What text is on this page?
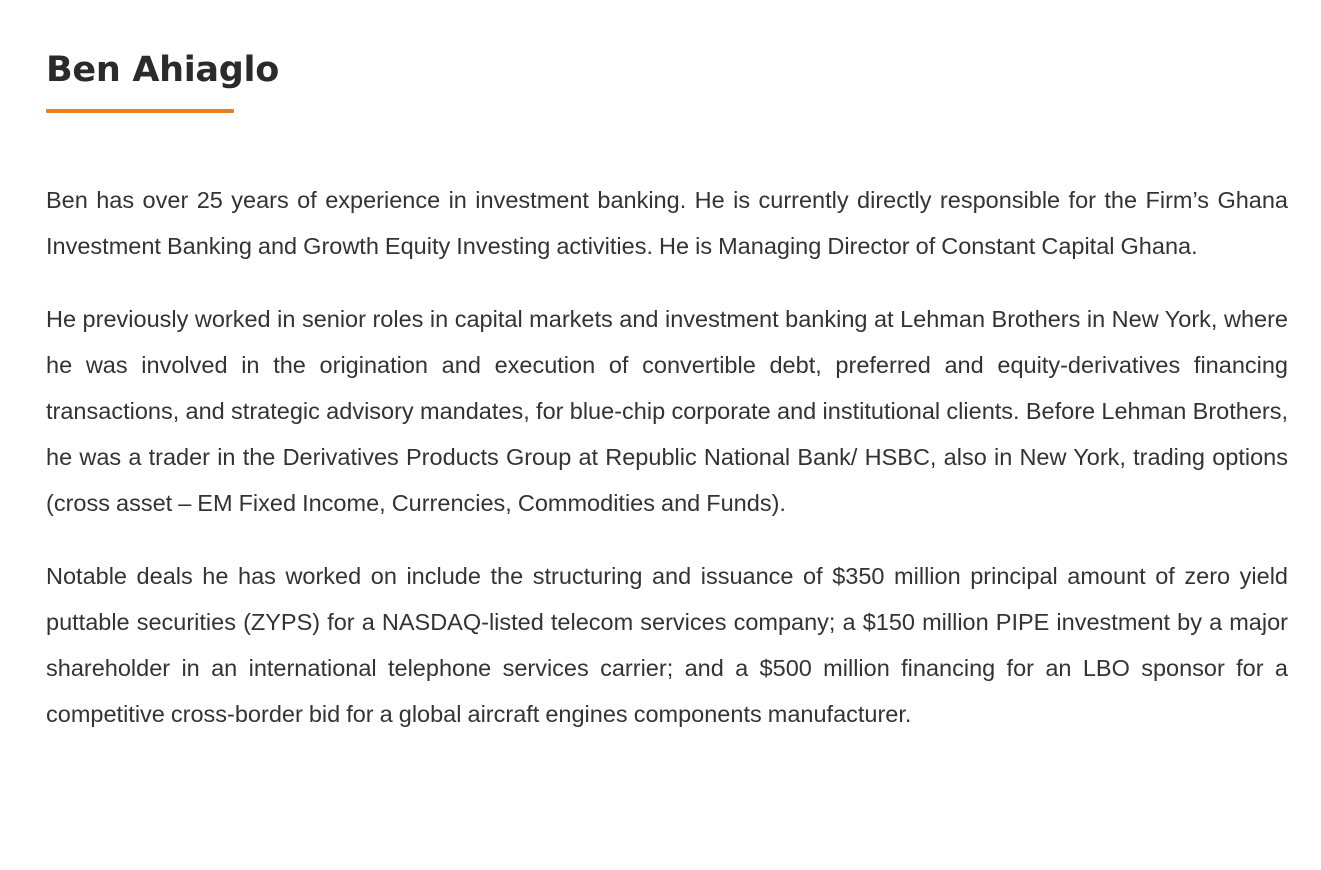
Ben Ahiaglo

Ben has over 25 years of experience in investment banking. He is currently directly responsible for the Firm’s Ghana Investment Banking and Growth Equity Investing activities. He is Managing Director of Constant Capital Ghana.

He previously worked in senior roles in capital markets and investment banking at Lehman Brothers in New York, where he was involved in the origination and execution of convertible debt, preferred and equity-derivatives financing transactions, and strategic advisory mandates, for blue-chip corporate and institutional clients. Before Lehman Brothers, he was a trader in the Derivatives Products Group at Republic National Bank/ HSBC, also in New York, trading options (cross asset – EM Fixed Income, Currencies, Commodities and Funds).

Notable deals he has worked on include the structuring and issuance of $350 million principal amount of zero yield puttable securities (ZYPS) for a NASDAQ-listed telecom services company; a $150 million PIPE investment by a major shareholder in an international telephone services carrier; and a $500 million financing for an LBO sponsor for a competitive cross-border bid for a global aircraft engines components manufacturer.
